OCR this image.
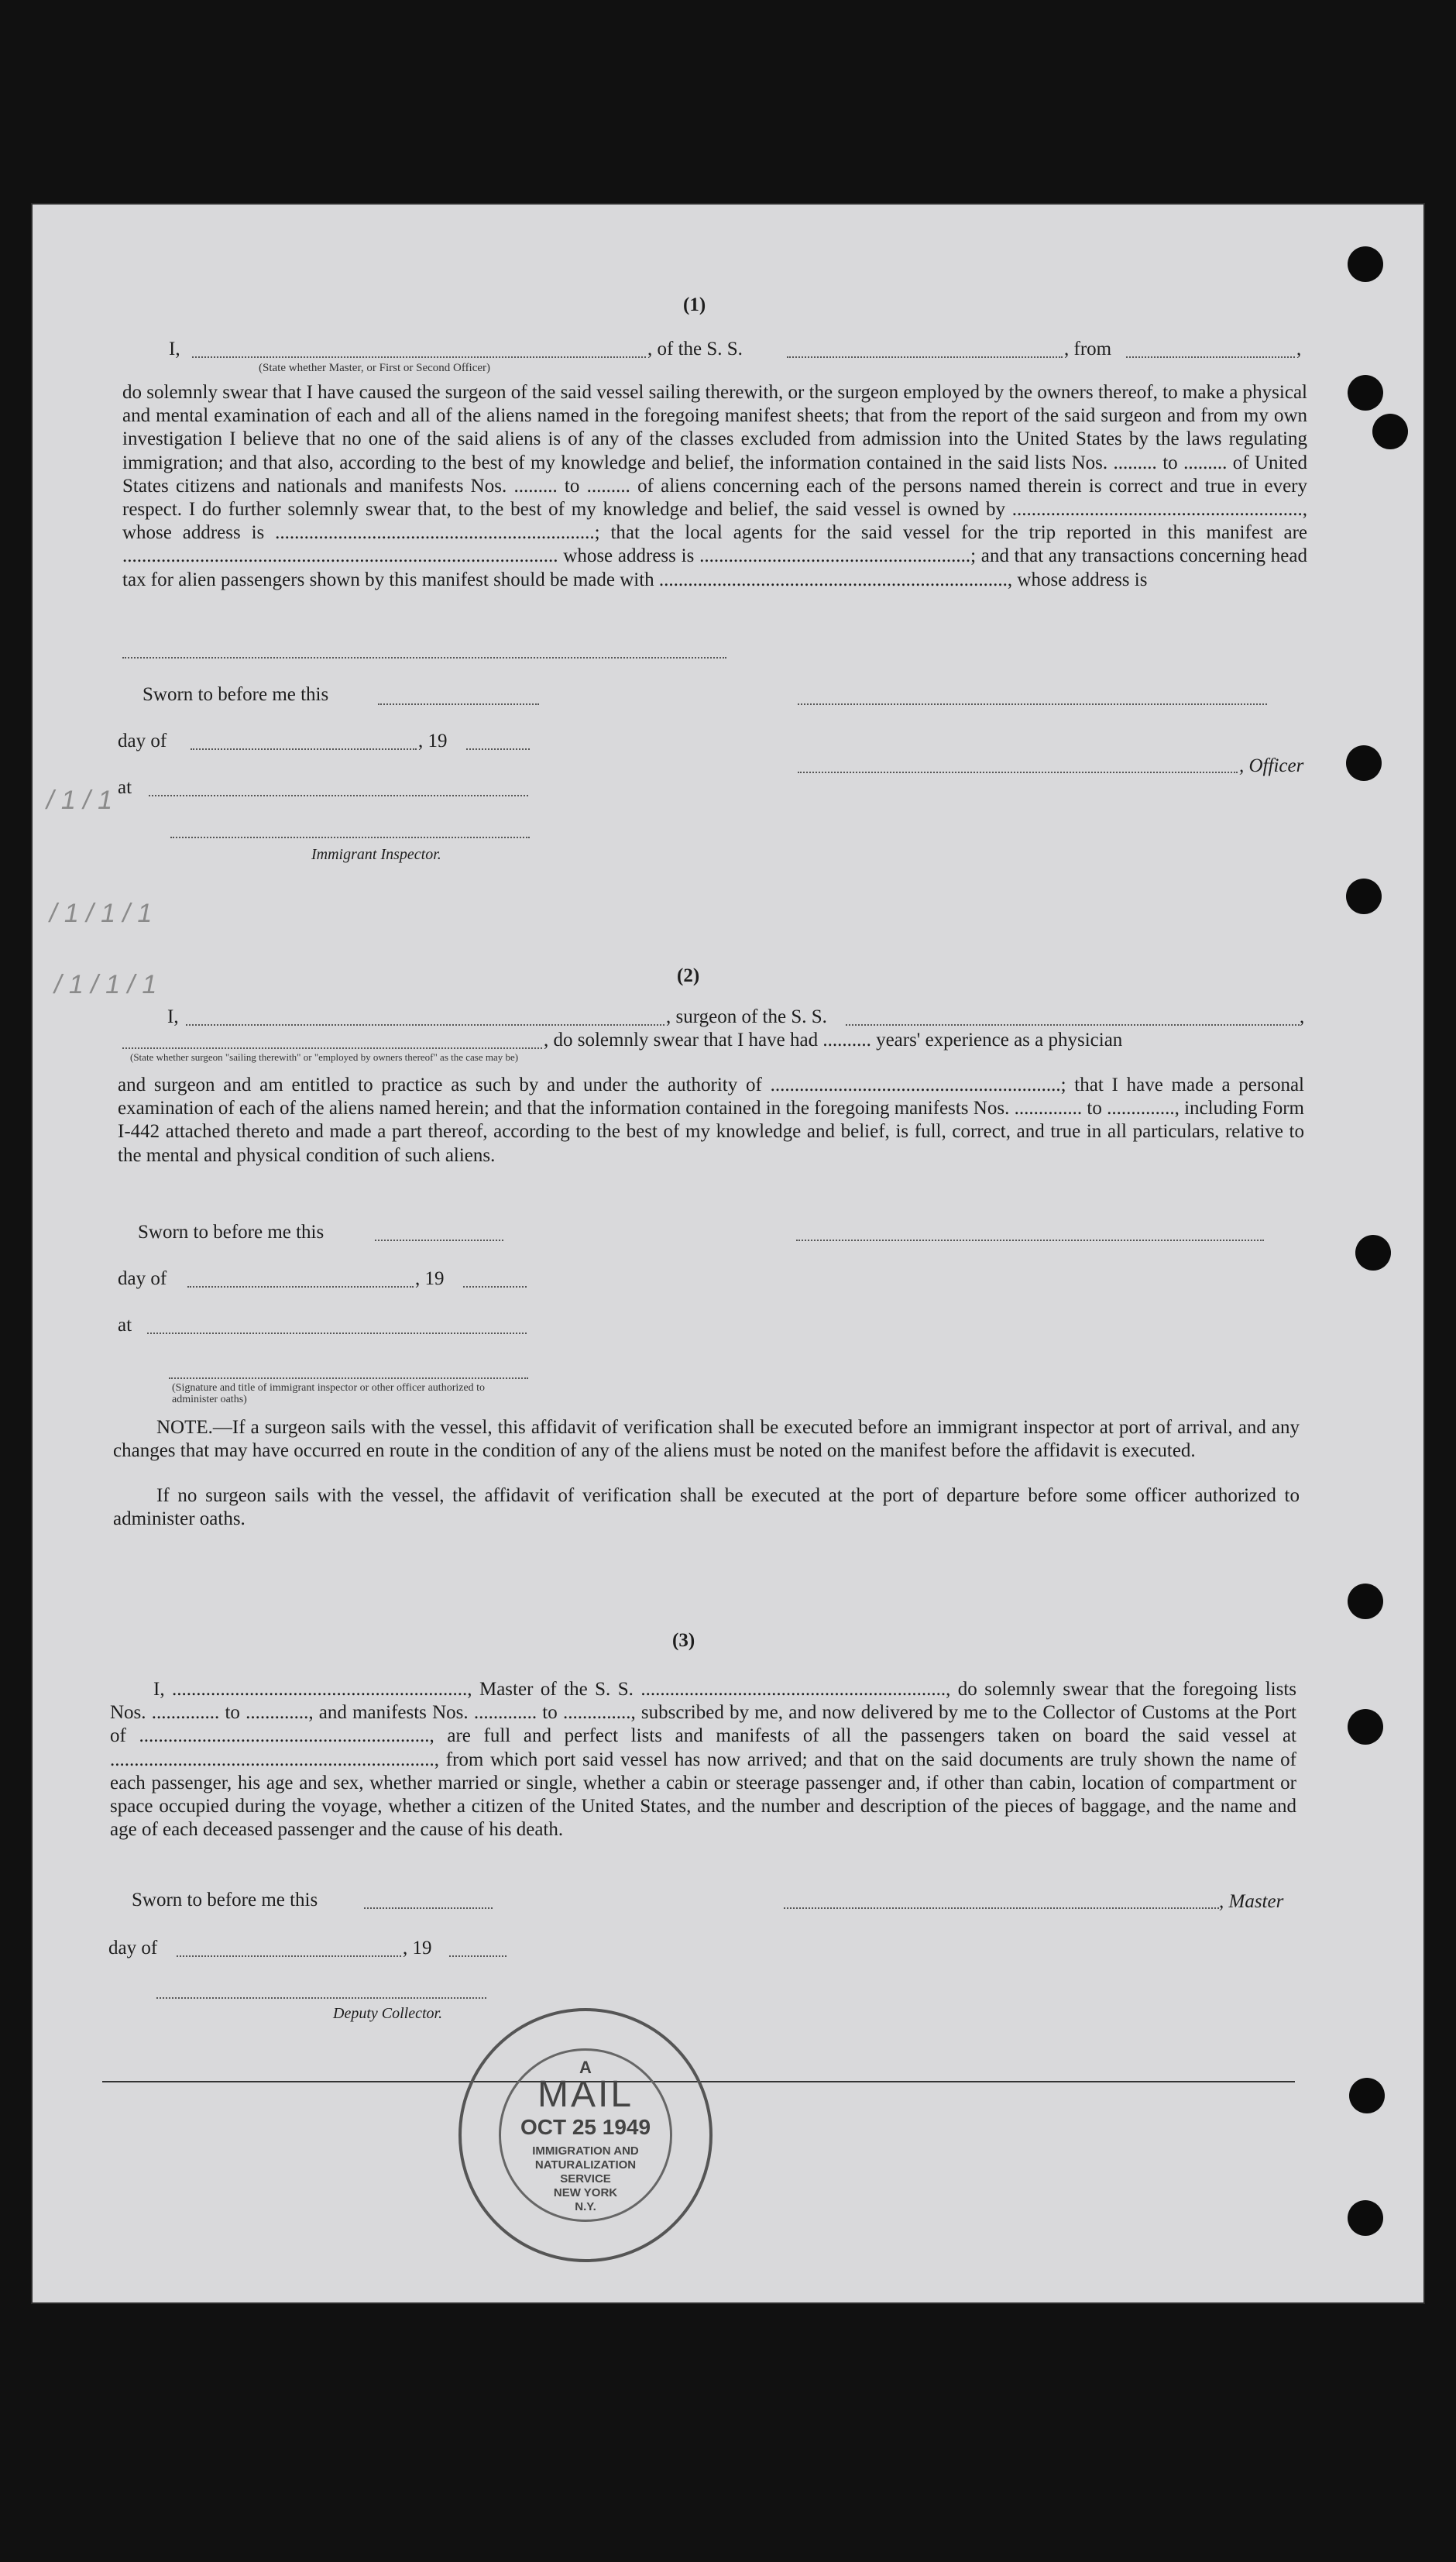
(1)
I,	, of the S. S.	, from	,
(State whether Master, or First or Second Officer)
do solemnly swear that I have caused the surgeon of the said vessel sailing therewith, or the surgeon employed by the owners thereof, to make a physical and mental examination of each and all of the aliens named in the foregoing manifest sheets; that from the report of the said surgeon and from my own investigation I believe that no one of the said aliens is of any of the classes excluded from admission into the United States by the laws regulating immigration; and that also, according to the best of my knowledge and belief, the information contained in the said lists Nos. ......... to ......... of United States citizens and nationals and manifests Nos. ......... to ......... of aliens concerning each of the persons named therein is correct and true in every respect. I do further solemnly swear that, to the best of my knowledge and belief, the said vessel is owned by ............................................................, whose address is ..................................................................; that the local agents for the said vessel for the trip reported in this manifest are .......................................................................................... whose address is ........................................................; and that any transactions concerning head tax for alien passengers shown by this manifest should be made with ........................................................................, whose address is
Sworn to before me this
day of	, 19
, Officer
at
Immigrant Inspector.
/ 1 / 1
/ 1 / 1 / 1
/ 1 / 1 / 1	(2)
I,	, surgeon of the S. S.	,
, do solemnly swear that I have had .......... years' experience as a physician
(State whether surgeon "sailing therewith" or "employed by owners thereof" as the case may be)
and surgeon and am entitled to practice as such by and under the authority of ............................................................; that I have made a personal examination of each of the aliens named herein; and that the information contained in the foregoing manifests Nos. .............. to .............., including Form I-442 attached thereto and made a part thereof, according to the best of my knowledge and belief, is full, correct, and true in all particulars, relative to the mental and physical condition of such aliens.
Sworn to before me this
day of	, 19
at
(Signature and title of immigrant inspector or other officer authorized to administer oaths)
NOTE.—If a surgeon sails with the vessel, this affidavit of verification shall be executed before an immigrant inspector at port of arrival, and any changes that may have occurred en route in the condition of any of the aliens must be noted on the manifest before the affidavit is executed.
If no surgeon sails with the vessel, the affidavit of verification shall be executed at the port of departure before some officer authorized to administer oaths.
(3)
I, ............................................................., Master of the S. S. ..............................................................., do solemnly swear that the foregoing lists Nos. .............. to ............., and manifests Nos. ............. to .............., subscribed by me, and now delivered by me to the Collector of Customs at the Port of ............................................................, are full and perfect lists and manifests of all the passengers taken on board the said vessel at ..................................................................., from which port said vessel has now arrived; and that on the said documents are truly shown the name of each passenger, his age and sex, whether married or single, whether a cabin or steerage passenger and, if other than cabin, location of compartment or space occupied during the voyage, whether a citizen of the United States, and the number and description of the pieces of baggage, and the name and age of each deceased passenger and the cause of his death.
Sworn to before me this	, Master
day of	, 19
Deputy Collector.
A
MAIL
OCT 25 1949
IMMIGRATION AND
NATURALIZATION
SERVICE
NEW YORK
N.Y.
